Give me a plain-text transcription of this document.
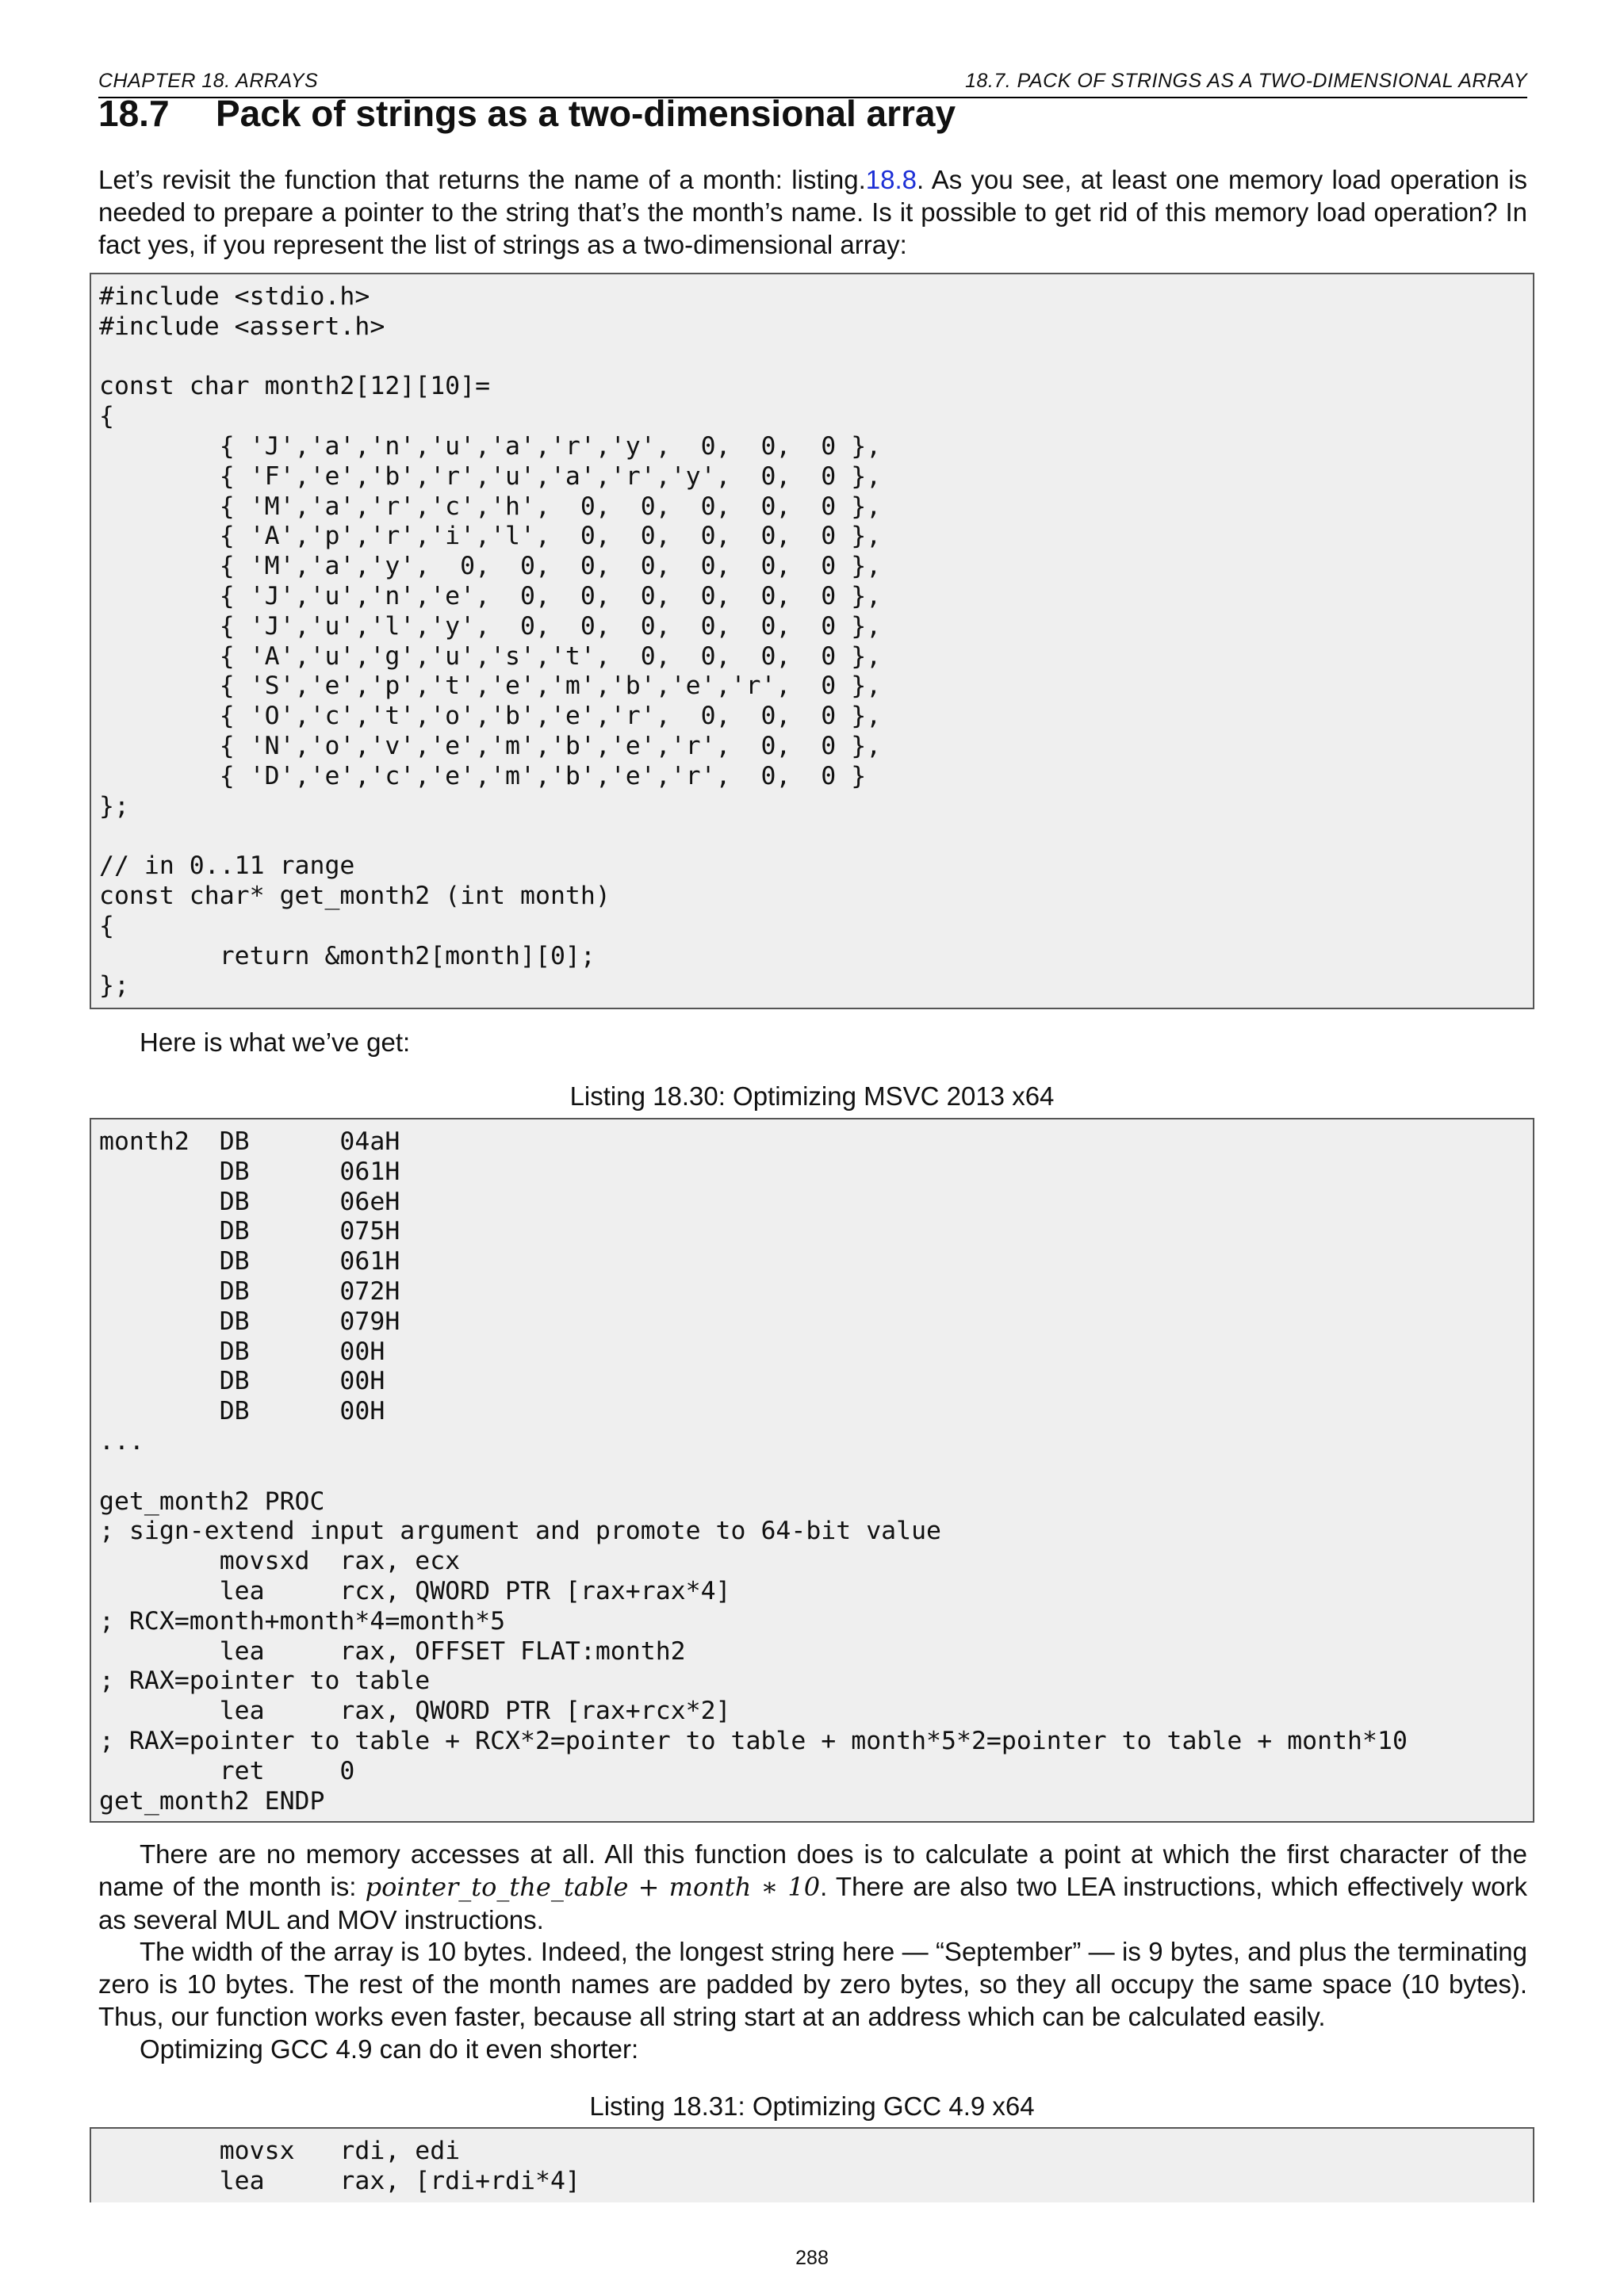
CHAPTER 18. ARRAYS	18.7. PACK OF STRINGS AS A TWO-DIMENSIONAL ARRAY
18.7 Pack of strings as a two-dimensional array

Let’s revisit the function that returns the name of a month: listing.18.8. As you see, at least one memory load operation is needed to prepare a pointer to the string that’s the month’s name. Is it possible to get rid of this memory load operation? In fact yes, if you represent the list of strings as a two-dimensional array:

#include <stdio.h>
#include <assert.h>

const char month2[12][10]=
{
{ 'J','a','n','u','a','r','y',  0,  0,  0 },
{ 'F','e','b','r','u','a','r','y',  0,  0 },
{ 'M','a','r','c','h',  0,  0,  0,  0,  0 },
{ 'A','p','r','i','l',  0,  0,  0,  0,  0 },
{ 'M','a','y',  0,  0,  0,  0,  0,  0,  0 },
{ 'J','u','n','e',  0,  0,  0,  0,  0,  0 },
{ 'J','u','l','y',  0,  0,  0,  0,  0,  0 },
{ 'A','u','g','u','s','t',  0,  0,  0,  0 },
{ 'S','e','p','t','e','m','b','e','r',  0 },
{ 'O','c','t','o','b','e','r',  0,  0,  0 },
{ 'N','o','v','e','m','b','e','r',  0,  0 },
{ 'D','e','c','e','m','b','e','r',  0,  0 }
};

// in 0..11 range
const char* get_month2 (int month)
{
return &month2[month][0];
};

Here is what we’ve get:

Listing 18.30: Optimizing MSVC 2013 x64

month2  DB      04aH
DB      061H
DB      06eH
DB      075H
DB      061H
DB      072H
DB      079H
DB      00H
DB      00H
DB      00H
...

get_month2 PROC
; sign-extend input argument and promote to 64-bit value
movsxd  rax, ecx
lea     rcx, QWORD PTR [rax+rax*4]
; RCX=month+month*4=month*5
lea     rax, OFFSET FLAT:month2
; RAX=pointer to table
lea     rax, QWORD PTR [rax+rcx*2]
; RAX=pointer to table + RCX*2=pointer to table + month*5*2=pointer to table + month*10
ret     0
get_month2 ENDP

There are no memory accesses at all. All this function does is to calculate a point at which the first character of the name of the month is: pointer_to_the_table + month ∗ 10. There are also two LEA instructions, which effectively work as several MUL and MOV instructions.

The width of the array is 10 bytes. Indeed, the longest string here — “September” — is 9 bytes, and plus the terminating zero is 10 bytes. The rest of the month names are padded by zero bytes, so they all occupy the same space (10 bytes). Thus, our function works even faster, because all string start at an address which can be calculated easily.

Optimizing GCC 4.9 can do it even shorter:

Listing 18.31: Optimizing GCC 4.9 x64

movsx   rdi, edi
lea     rax, [rdi+rdi*4]
288
